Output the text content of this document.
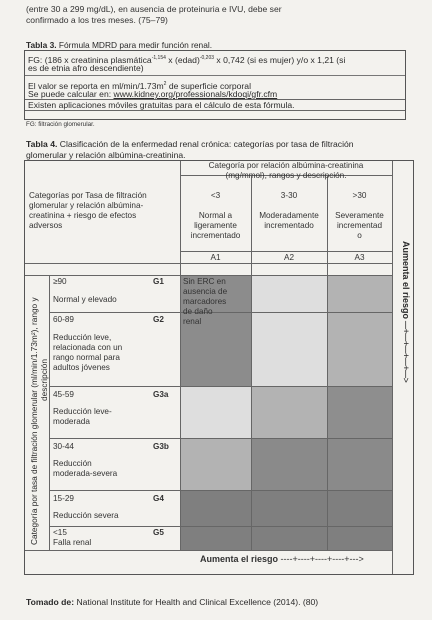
(entre 30 a 299 mg/dL), en ausencia de proteinuria e IVU, debe ser
confirmado a los tres meses. (75–79)
Tabla 3. Fórmula MDRD para medir función renal.
FG: (186 x creatinina plasmática$^{-1,154}$ x (edad)$^{-0,203}$ x 0,742 (si es mujer) y/o x 1,21 (si
es de etnia afro descendiente)
El valor se reporta en $ml/\min/1.73m^2$ de superficie corporal
Se puede calcular en: www.kidney.org/professionals/kdoqi/gfr.cfm
Existen aplicaciones móviles gratuitas para el cálculo de esta fórmula.
FG: filtración glomerular.
Tabla 4. Clasificación de la enfermedad renal crónica: categorías por tasa de filtración
glomerular y relación albúmina-creatinina.
Categorías por Tasa de filtración
glomerular y relación albúmina-
creatinina + riesgo de efectos
adversos
Categoría por relación albúmina-creatinina
(mg/mmol), rangos y descripción.
<3
Normal a
ligeramente
incrementado
3-30
Moderadamente
incrementado
>30
Severamente
incrementad
o
A1	A2	A3
≥90
Normal y elevado
G1
60-89
Reducción leve,
relacionada con un
rango normal para
adultos jóvenes
G2
45-59
Reducción leve-
moderada
G3a
30-44
Reducción
moderada-severa
G3b
15-29
Reducción severa
G4
<15
Falla renal
G5
Sin ERC en
ausencia de
marcadores
de daño
renal
Aumenta el riesgo ----+----+----+----+---->
Categoría por tasa de filtración glomerular (ml/min/1.73m²), rango y descripción
Aumenta el riesgo ----+----+----+----+--->
Tomado de: National Institute for Health and Clinical Excellence (2014). (80)
